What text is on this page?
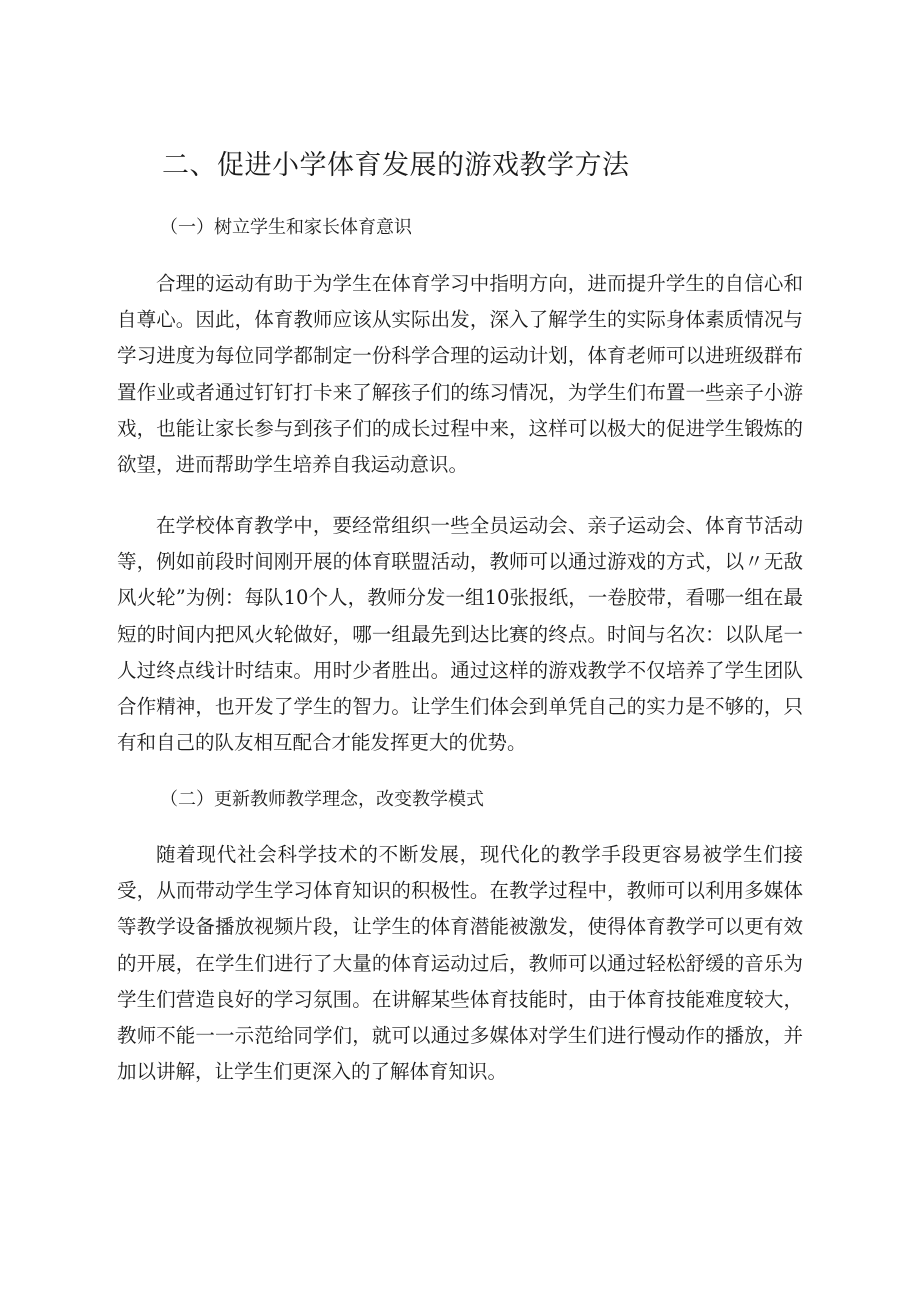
二、促进小学体育发展的游戏教学方法
（一）树立学生和家长体育意识

合理的运动有助于为学生在体育学习中指明方向，进而提升学生的自信心和自尊心。因此，体育教师应该从实际出发，深入了解学生的实际身体素质情况与学习进度为每位同学都制定一份科学合理的运动计划，体育老师可以进班级群布置作业或者通过钉钉打卡来了解孩子们的练习情况，为学生们布置一些亲子小游戏，也能让家长参与到孩子们的成长过程中来，这样可以极大的促进学生锻炼的欲望，进而帮助学生培养自我运动意识。

在学校体育教学中，要经常组织一些全员运动会、亲子运动会、体育节活动等，例如前段时间刚开展的体育联盟活动，教师可以通过游戏的方式，以〃无敌风火轮”为例：每队10个人，教师分发一组10张报纸，一卷胶带，看哪一组在最短的时间内把风火轮做好，哪一组最先到达比赛的终点。时间与名次：以队尾一人过终点线计时结束。用时少者胜出。通过这样的游戏教学不仅培养了学生团队合作精神，也开发了学生的智力。让学生们体会到单凭自己的实力是不够的，只有和自己的队友相互配合才能发挥更大的优势。

（二）更新教师教学理念，改变教学模式

随着现代社会科学技术的不断发展，现代化的教学手段更容易被学生们接受，从而带动学生学习体育知识的积极性。在教学过程中，教师可以利用多媒体等教学设备播放视频片段，让学生的体育潜能被激发，使得体育教学可以更有效的开展，在学生们进行了大量的体育运动过后，教师可以通过轻松舒缓的音乐为学生们营造良好的学习氛围。在讲解某些体育技能时，由于体育技能难度较大，教师不能一一示范给同学们，就可以通过多媒体对学生们进行慢动作的播放，并加以讲解，让学生们更深入的了解体育知识。
